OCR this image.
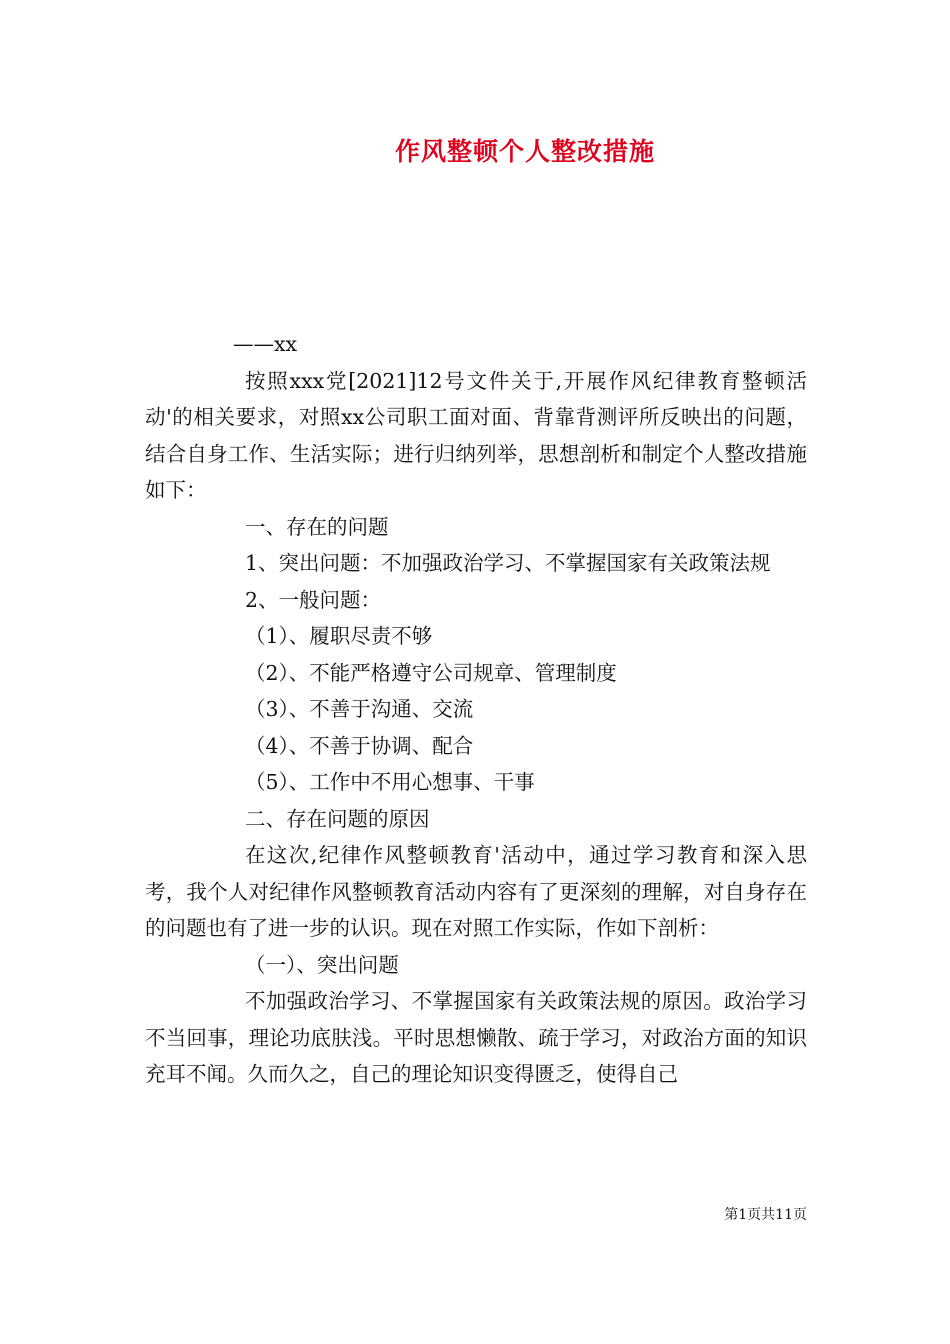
作风整顿个人整改措施

——xx

按照xxx党[2021]12号文件关于,开展作风纪律教育整顿活动'的相关要求，对照xx公司职工面对面、背靠背测评所反映出的问题，结合自身工作、生活实际；进行归纳列举，思想剖析和制定个人整改措施如下：

一、存在的问题

1、突出问题：不加强政治学习、不掌握国家有关政策法规

2、一般问题：

（1）、履职尽责不够

（2）、不能严格遵守公司规章、管理制度

（3）、不善于沟通、交流

（4）、不善于协调、配合

（5）、工作中不用心想事、干事

二、存在问题的原因

在这次,纪律作风整顿教育'活动中，通过学习教育和深入思考，我个人对纪律作风整顿教育活动内容有了更深刻的理解，对自身存在的问题也有了进一步的认识。现在对照工作实际，作如下剖析：

（一）、突出问题

不加强政治学习、不掌握国家有关政策法规的原因。政治学习不当回事，理论功底肤浅。平时思想懒散、疏于学习，对政治方面的知识充耳不闻。久而久之，自己的理论知识变得匮乏，使得自己

第1页共11页
